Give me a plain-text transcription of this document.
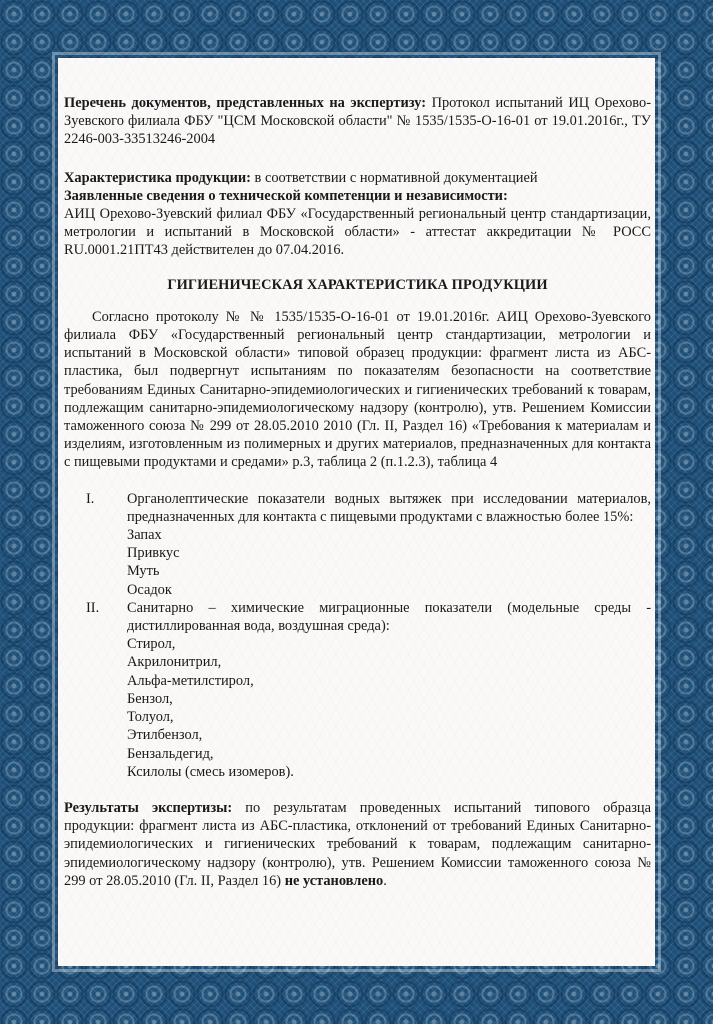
Перечень документов, представленных на экспертизу: Протокол испытаний ИЦ Орехово-Зуевского филиала ФБУ "ЦСМ Московской области" № 1535/1535-О-16-01 от 19.01.2016г., ТУ 2246-003-33513246-2004

Характеристика продукции: в соответствии с нормативной документацией

Заявленные сведения о технической компетенции и независимости:

АИЦ Орехово-Зуевский филиал ФБУ «Государственный региональный центр стандартизации, метрологии и испытаний в Московской области» - аттестат аккредитации № РОСС RU.0001.21ПТ43 действителен до 07.04.2016.

ГИГИЕНИЧЕСКАЯ ХАРАКТЕРИСТИКА ПРОДУКЦИИ

Согласно протоколу № № 1535/1535-О-16-01 от 19.01.2016г. АИЦ Орехово-Зуевского филиала ФБУ «Государственный региональный центр стандартизации, метрологии и испытаний в Московской области» типовой образец продукции: фрагмент листа из АБС-пластика, был подвергнут испытаниям по показателям безопасности на соответствие требованиям Единых Санитарно-эпидемиологических и гигиенических требований к товарам, подлежащим санитарно-эпидемиологическому надзору (контролю), утв. Решением Комиссии таможенного союза № 299 от 28.05.2010 2010 (Гл. II, Раздел 16) «Требования к материалам и изделиям, изготовленным из полимерных и других материалов, предназначенных для контакта с пищевыми продуктами и средами» р.3, таблица 2 (п.1.2.3), таблица 4

I.	Органолептические показатели водных вытяжек при исследовании материалов, предназначенных для контакта с пищевыми продуктами с влажностью более 15%:

Запах

Привкус

Муть

Осадок

II.	Санитарно – химические миграционные показатели (модельные среды - дистиллированная вода, воздушная среда):

Стирол,

Акрилонитрил,

Альфа-метилстирол,

Бензол,

Толуол,

Этилбензол,

Бензальдегид,

Ксилолы (смесь изомеров).

Результаты экспертизы: по результатам проведенных испытаний типового образца продукции: фрагмент листа из АБС-пластика, отклонений от требований Единых Санитарно-эпидемиологических и гигиенических требований к товарам, подлежащим санитарно-эпидемиологическому надзору (контролю), утв. Решением Комиссии таможенного союза № 299 от 28.05.2010 (Гл. II, Раздел 16) не установлено.
